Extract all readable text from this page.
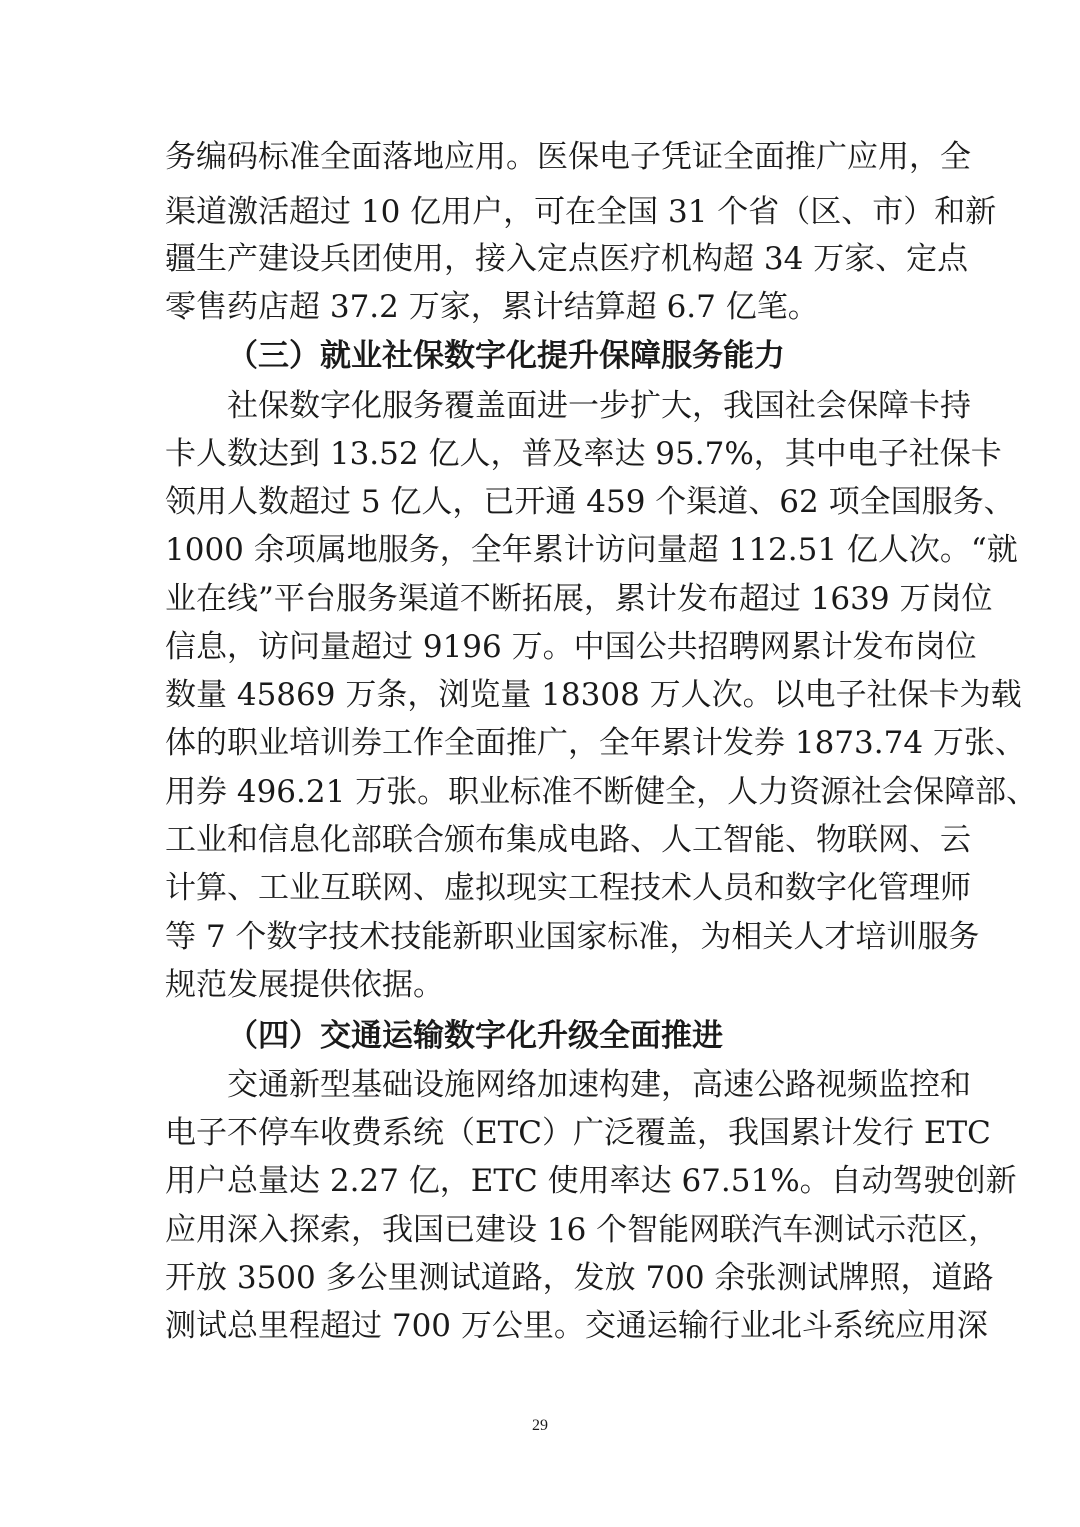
务编码标准全面落地应用。医保电子凭证全面推广应用，全
渠道激活超过 10 亿用户，可在全国 31 个省（区、市）和新
疆生产建设兵团使用，接入定点医疗机构超 34 万家、定点
零售药店超 37.2 万家，累计结算超 6.7 亿笔。
（三）就业社保数字化提升保障服务能力
社保数字化服务覆盖面进一步扩大，我国社会保障卡持
卡人数达到 13.52 亿人，普及率达 95.7%，其中电子社保卡
领用人数超过 5 亿人，已开通 459 个渠道、62 项全国服务、
1000 余项属地服务，全年累计访问量超 112.51 亿人次。“就
业在线”平台服务渠道不断拓展，累计发布超过 1639 万岗位
信息，访问量超过 9196 万。中国公共招聘网累计发布岗位
数量 45869 万条，浏览量 18308 万人次。以电子社保卡为载
体的职业培训券工作全面推广，全年累计发券 1873.74 万张、
用券 496.21 万张。职业标准不断健全，人力资源社会保障部、
工业和信息化部联合颁布集成电路、人工智能、物联网、云
计算、工业互联网、虚拟现实工程技术人员和数字化管理师
等 7 个数字技术技能新职业国家标准，为相关人才培训服务
规范发展提供依据。
（四）交通运输数字化升级全面推进
交通新型基础设施网络加速构建，高速公路视频监控和
电子不停车收费系统（ETC）广泛覆盖，我国累计发行 ETC
用户总量达 2.27 亿，ETC 使用率达 67.51%。自动驾驶创新
应用深入探索，我国已建设 16 个智能网联汽车测试示范区，
开放 3500 多公里测试道路，发放 700 余张测试牌照，道路
测试总里程超过 700 万公里。交通运输行业北斗系统应用深
29
